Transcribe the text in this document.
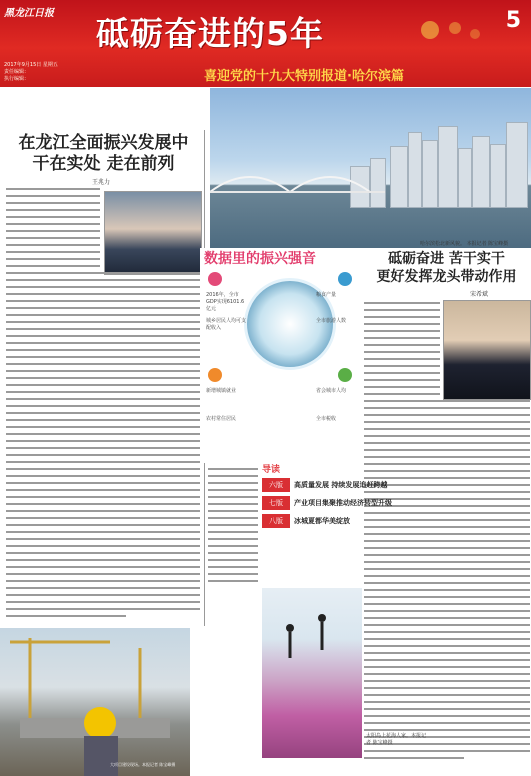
黑龙江日报
2017年9月15日 星期五
责任编辑：
执行编辑：
砥砺奋进的5年	5
喜迎党的十九大特别报道·哈尔滨篇
在龙江全面振兴发展中
干在实处 走在前列
王兆力
哈尔滨松北新风貌。 本报记者 陈宝峰摄
数据里的振兴强音
2016年，全市GDP实现6101.6亿元
城乡居民人均可支配收入
新增城镇就业
农村常住居民
粮食产量
全市旅游人数
省会城市人均
全市税收
砥砺奋进 苦干实干
更好发挥龙头带动作用
宋希斌
导读
六版	高质量发展 持续发展追赶跨越
七版	产业项目集聚推动经济转型升级
八版	冰城夏都华美绽放
大项目建设现场。本报记者 陈宝峰摄
太阳岛上花海人家。本报记者 陈宝峰摄
